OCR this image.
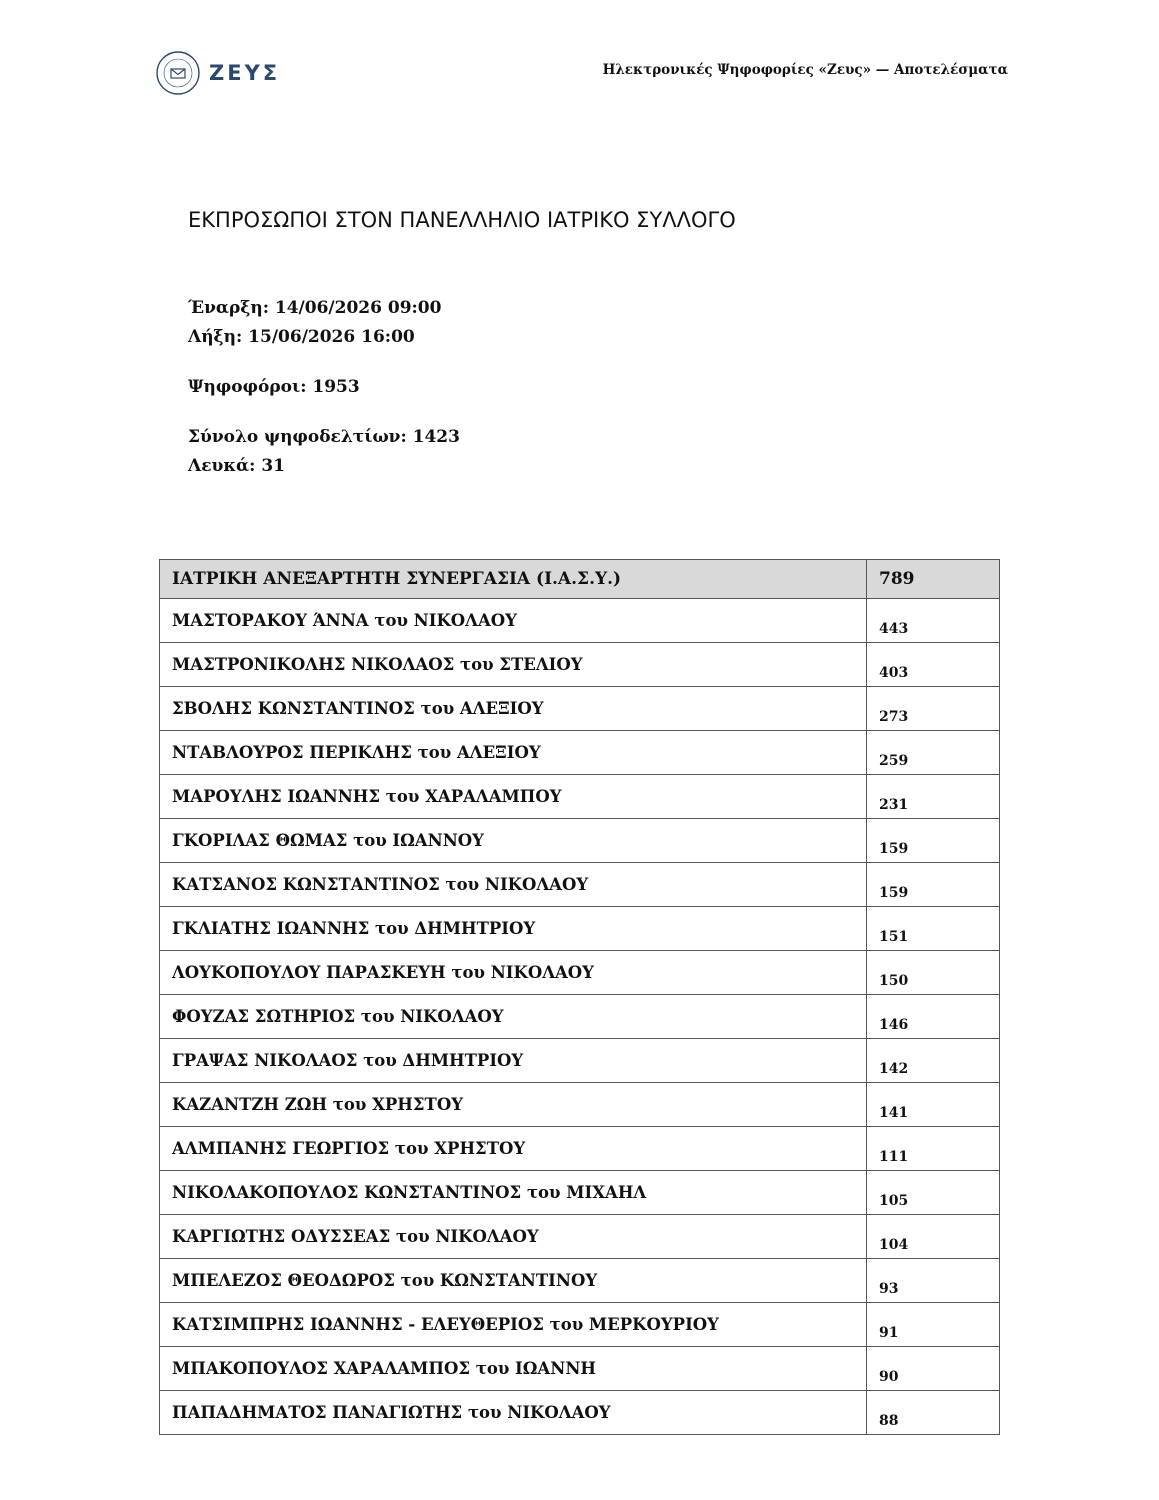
ΖΕΥΣ	Ηλεκτρονικές Ψηφοφορίες «Ζευς» — Αποτελέσματα
ΕΚΠΡΟΣΩΠΟΙ ΣΤΟΝ ΠΑΝΕΛΛΗΛΙΟ ΙΑΤΡΙΚΟ ΣΥΛΛΟΓΟ
Έναρξη: 14/06/2026 09:00
Λήξη: 15/06/2026 16:00
Ψηφοφόροι: 1953
Σύνολο ψηφοδελτίων: 1423
Λευκά: 31
ΙΑΤΡΙΚΗ ΑΝΕΞΑΡΤΗΤΗ ΣΥΝΕΡΓΑΣΙΑ (Ι.Α.Σ.Υ.)	789
ΜΑΣΤΟΡΑΚΟΥ ΆΝΝΑ του ΝΙΚΟΛΑΟΥ	443
ΜΑΣΤΡΟΝΙΚΟΛΗΣ ΝΙΚΟΛΑΟΣ του ΣΤΕΛΙΟΥ	403
ΣΒΟΛΗΣ ΚΩΝΣΤΑΝΤΙΝΟΣ του ΑΛΕΞΙΟΥ	273
ΝΤΑΒΛΟΥΡΟΣ ΠΕΡΙΚΛΗΣ του ΑΛΕΞΙΟΥ	259
ΜΑΡΟΥΛΗΣ ΙΩΑΝΝΗΣ του ΧΑΡΑΛΑΜΠΟΥ	231
ΓΚΟΡΙΛΑΣ ΘΩΜΑΣ του ΙΩΑΝΝΟΥ	159
ΚΑΤΣΑΝΟΣ ΚΩΝΣΤΑΝΤΙΝΟΣ του ΝΙΚΟΛΑΟΥ	159
ΓΚΛΙΑΤΗΣ ΙΩΑΝΝΗΣ του ΔΗΜΗΤΡΙΟΥ	151
ΛΟΥΚΟΠΟΥΛΟΥ ΠΑΡΑΣΚΕΥΗ του ΝΙΚΟΛΑΟΥ	150
ΦΟΥΖΑΣ ΣΩΤΗΡΙΟΣ του ΝΙΚΟΛΑΟΥ	146
ΓΡΑΨΑΣ ΝΙΚΟΛΑΟΣ του ΔΗΜΗΤΡΙΟΥ	142
ΚΑΖΑΝΤΖΗ ΖΩΗ του ΧΡΗΣΤΟΥ	141
ΑΛΜΠΑΝΗΣ ΓΕΩΡΓΙΟΣ του ΧΡΗΣΤΟΥ	111
ΝΙΚΟΛΑΚΟΠΟΥΛΟΣ ΚΩΝΣΤΑΝΤΙΝΟΣ του ΜΙΧΑΗΛ	105
ΚΑΡΓΙΩΤΗΣ ΟΔΥΣΣΕΑΣ του ΝΙΚΟΛΑΟΥ	104
ΜΠΕΛΕΖΟΣ ΘΕΟΔΩΡΟΣ του ΚΩΝΣΤΑΝΤΙΝΟΥ	93
ΚΑΤΣΙΜΠΡΗΣ ΙΩΑΝΝΗΣ - ΕΛΕΥΘΕΡΙΟΣ του ΜΕΡΚΟΥΡΙΟΥ	91
ΜΠΑΚΟΠΟΥΛΟΣ ΧΑΡΑΛΑΜΠΟΣ του ΙΩΑΝΝΗ	90
ΠΑΠΑΔΗΜΑΤΟΣ ΠΑΝΑΓΙΩΤΗΣ του ΝΙΚΟΛΑΟΥ	88
